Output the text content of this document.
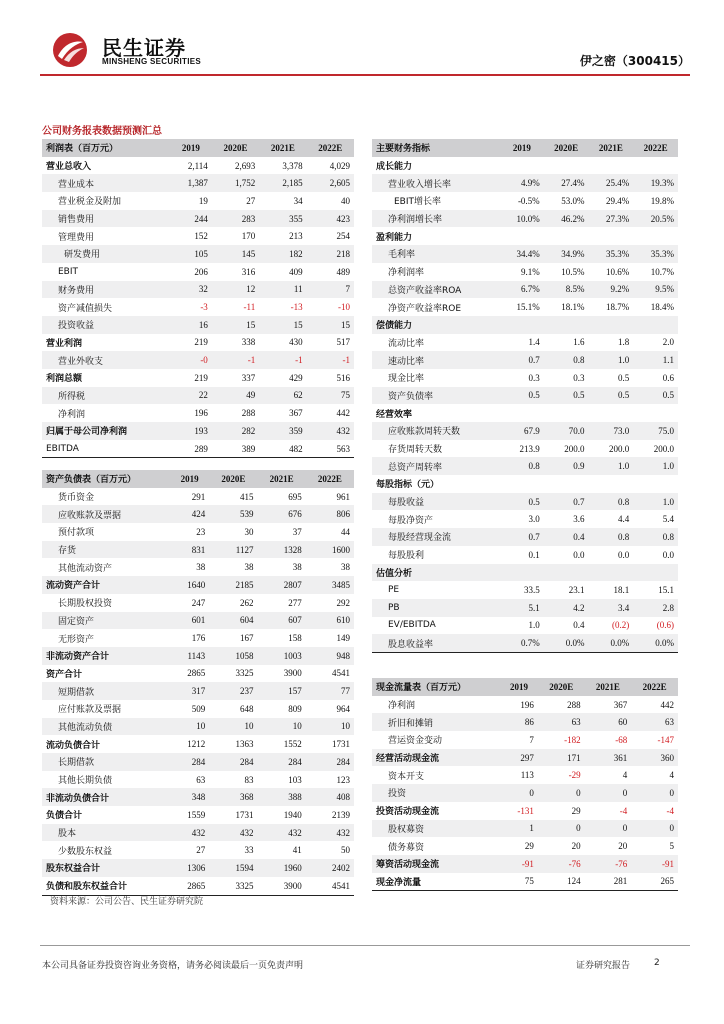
民生证券
MINSHENG SECURITIES	伊之密（300415）
公司财务报表数据预测汇总
利润表（百万元）	2019	2020E	2021E	2022E
营业总收入	2,114	2,693	3,378	4,029
营业成本	1,387	1,752	2,185	2,605
营业税金及附加	19	27	34	40
销售费用	244	283	355	423
管理费用	152	170	213	254
研发费用	105	145	182	218
EBIT	206	316	409	489
财务费用	32	12	11	7
资产减值损失	-3	-11	-13	-10
投资收益	16	15	15	15
营业利润	219	338	430	517
营业外收支	-0	-1	-1	-1
利润总额	219	337	429	516
所得税	22	49	62	75
净利润	196	288	367	442
归属于母公司净利润	193	282	359	432
EBITDA	289	389	482	563
资产负债表（百万元）	2019	2020E	2021E	2022E
货币资金	291	415	695	961
应收账款及票据	424	539	676	806
预付款项	23	30	37	44
存货	831	1127	1328	1600
其他流动资产	38	38	38	38
流动资产合计	1640	2185	2807	3485
长期股权投资	247	262	277	292
固定资产	601	604	607	610
无形资产	176	167	158	149
非流动资产合计	1143	1058	1003	948
资产合计	2865	3325	3900	4541
短期借款	317	237	157	77
应付账款及票据	509	648	809	964
其他流动负债	10	10	10	10
流动负债合计	1212	1363	1552	1731
长期借款	284	284	284	284
其他长期负债	63	83	103	123
非流动负债合计	348	368	388	408
负债合计	1559	1731	1940	2139
股本	432	432	432	432
少数股东权益	27	33	41	50
股东权益合计	1306	1594	1960	2402
负债和股东权益合计	2865	3325	3900	4541
主要财务指标	2019	2020E	2021E	2022E
成长能力				
营业收入增长率	4.9%	27.4%	25.4%	19.3%
EBIT增长率	-0.5%	53.0%	29.4%	19.8%
净利润增长率	10.0%	46.2%	27.3%	20.5%
盈利能力				
毛利率	34.4%	34.9%	35.3%	35.3%
净利润率	9.1%	10.5%	10.6%	10.7%
总资产收益率ROA	6.7%	8.5%	9.2%	9.5%
净资产收益率ROE	15.1%	18.1%	18.7%	18.4%
偿债能力				
流动比率	1.4	1.6	1.8	2.0
速动比率	0.7	0.8	1.0	1.1
现金比率	0.3	0.3	0.5	0.6
资产负债率	0.5	0.5	0.5	0.5
经营效率				
应收账款周转天数	67.9	70.0	73.0	75.0
存货周转天数	213.9	200.0	200.0	200.0
总资产周转率	0.8	0.9	1.0	1.0
每股指标（元）				
每股收益	0.5	0.7	0.8	1.0
每股净资产	3.0	3.6	4.4	5.4
每股经营现金流	0.7	0.4	0.8	0.8
每股股利	0.1	0.0	0.0	0.0
估值分析				
PE	33.5	23.1	18.1	15.1
PB	5.1	4.2	3.4	2.8
EV/EBITDA	1.0	0.4	(0.2)	(0.6)
股息收益率	0.7%	0.0%	0.0%	0.0%
现金流量表（百万元）	2019	2020E	2021E	2022E
净利润	196	288	367	442
折旧和摊销	86	63	60	63
营运资金变动	7	-182	-68	-147
经营活动现金流	297	171	361	360
资本开支	113	-29	4	4
投资	0	0	0	0
投资活动现金流	-131	29	-4	-4
股权募资	1	0	0	0
债务募资	29	20	20	5
筹资活动现金流	-91	-76	-76	-91
现金净流量	75	124	281	265
资料来源：公司公告、民生证券研究院
本公司具备证券投资咨询业务资格，请务必阅读最后一页免责声明	证券研究报告	2
